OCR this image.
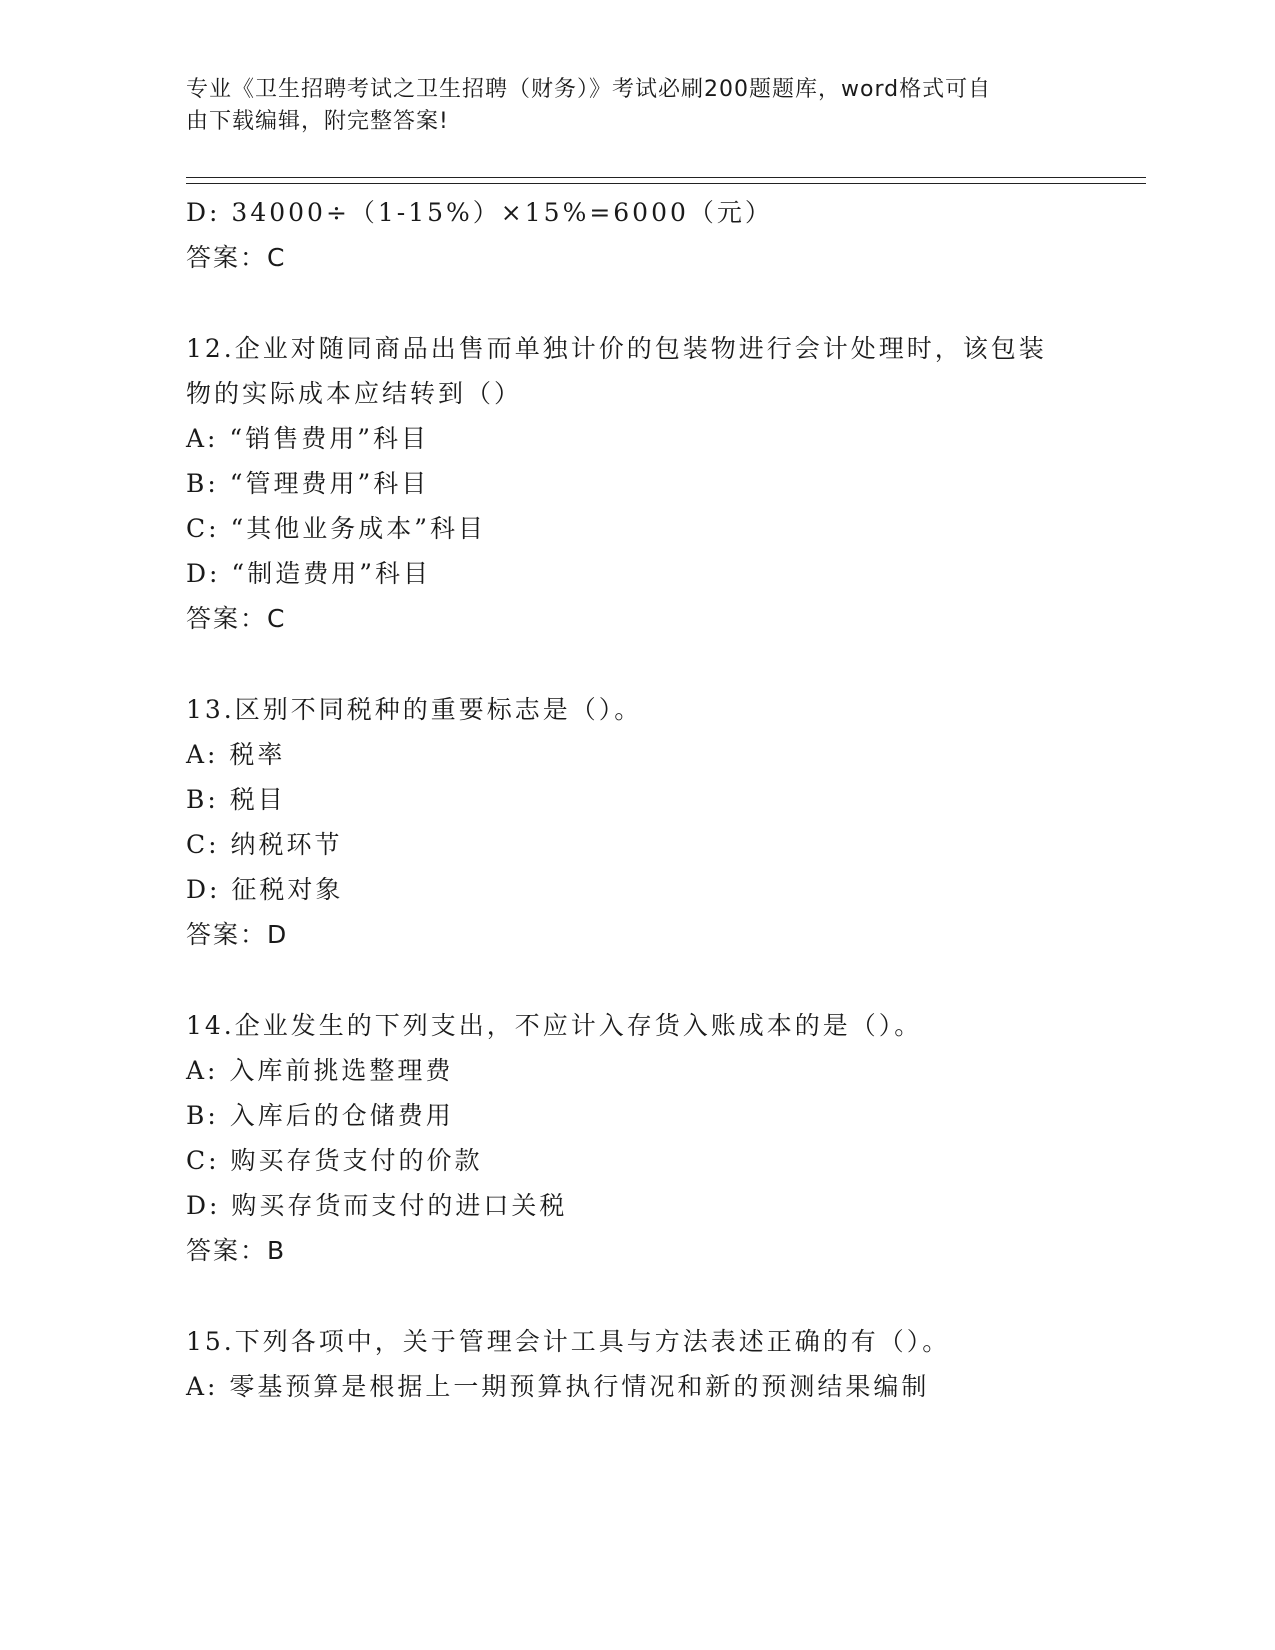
专业《卫生招聘考试之卫生招聘（财务）》考试必刷200题题库，word格式可自
由下载编辑，附完整答案!
D: 34000÷（1-15%）×15%=6000（元）
答案：C
12.企业对随同商品出售而单独计价的包装物进行会计处理时，该包装
物的实际成本应结转到（）
A: “销售费用”科目
B: “管理费用”科目
C: “其他业务成本”科目
D: “制造费用”科目
答案：C
13.区别不同税种的重要标志是（）。
A: 税率
B: 税目
C: 纳税环节
D: 征税对象
答案：D
14.企业发生的下列支出，不应计入存货入账成本的是（）。
A: 入库前挑选整理费
B: 入库后的仓储费用
C: 购买存货支付的价款
D: 购买存货而支付的进口关税
答案：B
15.下列各项中，关于管理会计工具与方法表述正确的有（）。
A: 零基预算是根据上一期预算执行情况和新的预测结果编制
